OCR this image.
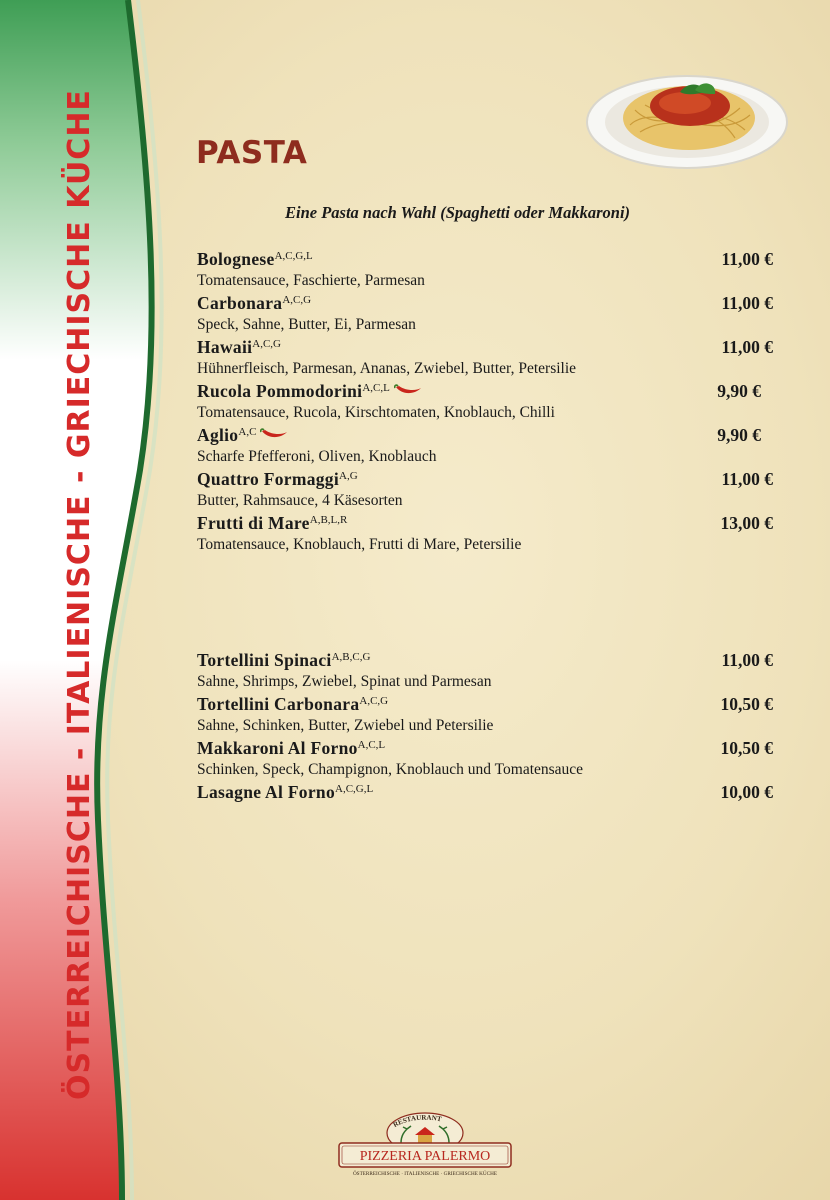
ÖSTERREICHISCHE - ITALIENISCHE - GRIECHISCHE KÜCHE	PASTA

Eine Pasta nach Wahl (Spaghetti oder Makkaroni)

Bolognese$^{A,C,G,L}$	11,00 €
Tomatensauce, Faschierte, Parmesan
Carbonara$^{A,C,G}$	11,00 €
Speck, Sahne, Butter, Ei, Parmesan
Hawaii$^{A,C,G}$	11,00 €
Hühnerfleisch, Parmesan, Ananas, Zwiebel, Butter, Petersilie
Rucola Pommodorini$^{A,C,L}$	9,90 €
Tomatensauce, Rucola, Kirschtomaten, Knoblauch, Chilli
Aglio$^{A,C}$	9,90 €
Scharfe Pfefferoni, Oliven, Knoblauch
Quattro Formaggi$^{A,G}$	11,00 €
Butter, Rahmsauce, 4 Käsesorten
Frutti di Mare$^{A,B,L,R}$	13,00 €
Tomatensauce, Knoblauch, Frutti di Mare, Petersilie
Tortellini Spinaci$^{A,B,C,G}$	11,00 €
Sahne, Shrimps, Zwiebel, Spinat und Parmesan
Tortellini Carbonara$^{A,C,G}$	10,50 €
Sahne, Schinken, Butter, Zwiebel und Petersilie
Makkaroni Al Forno$^{A,C,L}$	10,50 €
Schinken, Speck, Champignon, Knoblauch und Tomatensauce
Lasagne Al Forno$^{A,C,G,L}$	10,00 €
RESTAURANT
PIZZERIA PALERMO
ÖSTERREICHISCHE · ITALIENISCHE · GRIECHISCHE KÜCHE
